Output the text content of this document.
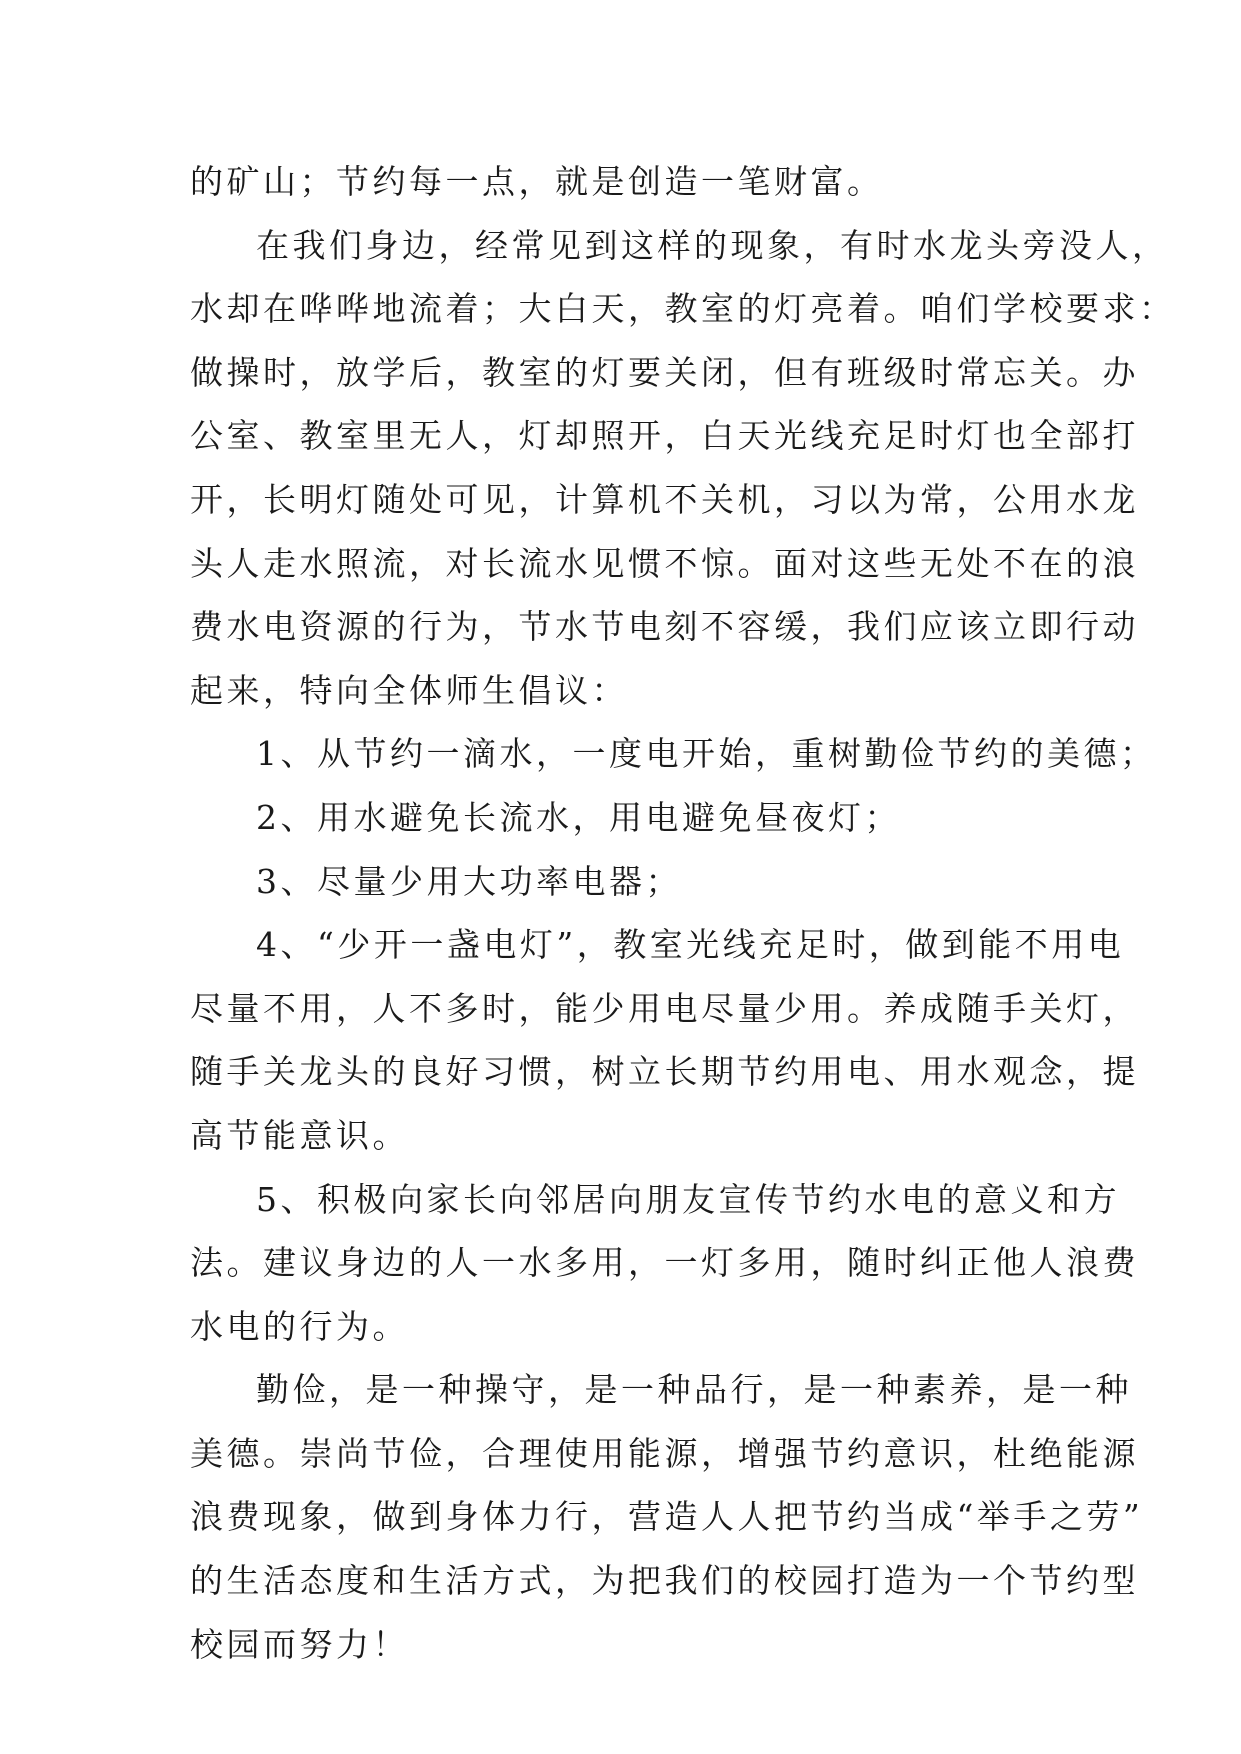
的矿山；节约每一点，就是创造一笔财富。
在我们身边，经常见到这样的现象，有时水龙头旁没人，
水却在哗哗地流着；大白天，教室的灯亮着。咱们学校要求：
做操时，放学后，教室的灯要关闭，但有班级时常忘关。办
公室、教室里无人，灯却照开，白天光线充足时灯也全部打
开，长明灯随处可见，计算机不关机，习以为常，公用水龙
头人走水照流，对长流水见惯不惊。面对这些无处不在的浪
费水电资源的行为，节水节电刻不容缓，我们应该立即行动
起来，特向全体师生倡议：
1、从节约一滴水，一度电开始，重树勤俭节约的美德；
2、用水避免长流水，用电避免昼夜灯；
3、尽量少用大功率电器；
4、“少开一盏电灯”，教室光线充足时，做到能不用电
尽量不用，人不多时，能少用电尽量少用。养成随手关灯，
随手关龙头的良好习惯，树立长期节约用电、用水观念，提
高节能意识。
5、积极向家长向邻居向朋友宣传节约水电的意义和方
法。建议身边的人一水多用，一灯多用，随时纠正他人浪费
水电的行为。
勤俭，是一种操守，是一种品行，是一种素养，是一种
美德。崇尚节俭，合理使用能源，增强节约意识，杜绝能源
浪费现象，做到身体力行，营造人人把节约当成“举手之劳”
的生活态度和生活方式，为把我们的校园打造为一个节约型
校园而努力！
